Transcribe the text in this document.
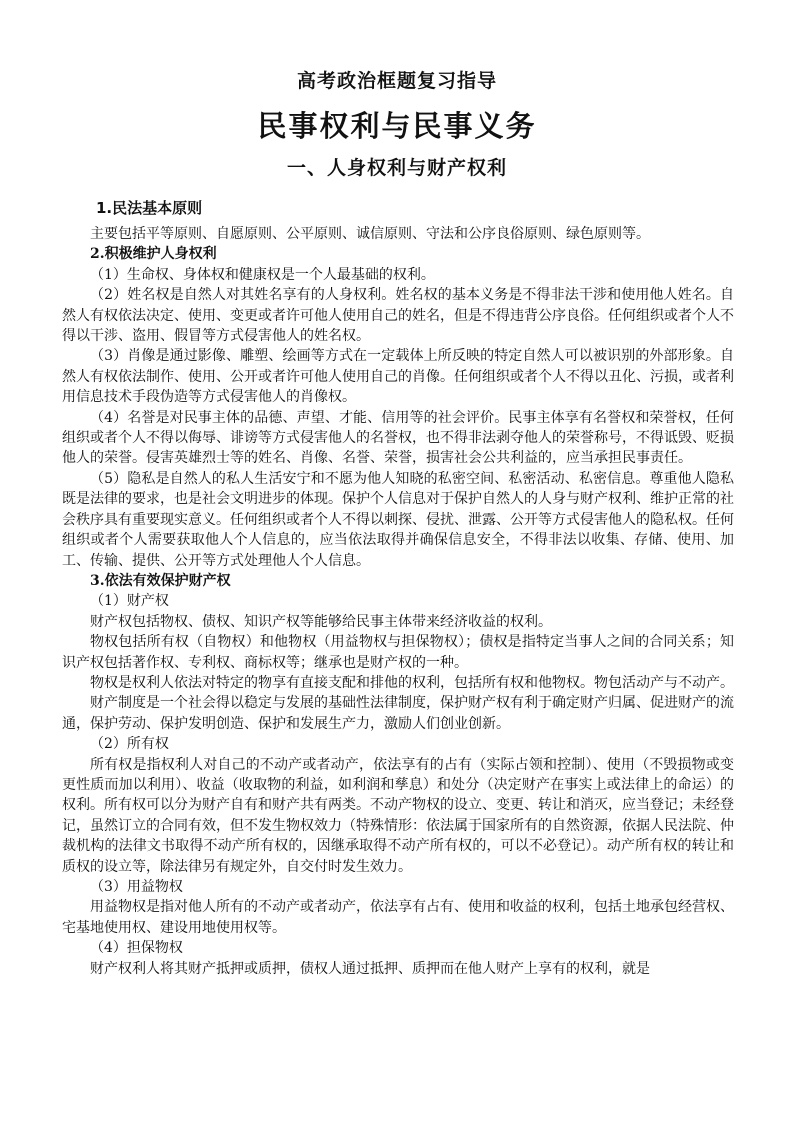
高考政治框题复习指导
民事权利与民事义务
一、人身权利与财产权利
1.民法基本原则

主要包括平等原则、自愿原则、公平原则、诚信原则、守法和公序良俗原则、绿色原则等。

2.积极维护人身权利

（1）生命权、身体权和健康权是一个人最基础的权利。

（2）姓名权是自然人对其姓名享有的人身权利。姓名权的基本义务是不得非法干涉和使用他人姓名。自然人有权依法决定、使用、变更或者许可他人使用自己的姓名，但是不得违背公序良俗。任何组织或者个人不得以干涉、盗用、假冒等方式侵害他人的姓名权。

（3）肖像是通过影像、雕塑、绘画等方式在一定载体上所反映的特定自然人可以被识别的外部形象。自然人有权依法制作、使用、公开或者许可他人使用自己的肖像。任何组织或者个人不得以丑化、污损，或者利用信息技术手段伪造等方式侵害他人的肖像权。

（4）名誉是对民事主体的品德、声望、才能、信用等的社会评价。民事主体享有名誉权和荣誉权，任何组织或者个人不得以侮辱、诽谤等方式侵害他人的名誉权，也不得非法剥夺他人的荣誉称号，不得诋毁、贬损他人的荣誉。侵害英雄烈士等的姓名、肖像、名誉、荣誉，损害社会公共利益的，应当承担民事责任。

（5）隐私是自然人的私人生活安宁和不愿为他人知晓的私密空间、私密活动、私密信息。尊重他人隐私既是法律的要求，也是社会文明进步的体现。保护个人信息对于保护自然人的人身与财产权利、维护正常的社会秩序具有重要现实意义。任何组织或者个人不得以刺探、侵扰、泄露、公开等方式侵害他人的隐私权。任何组织或者个人需要获取他人个人信息的，应当依法取得并确保信息安全，不得非法以收集、存储、使用、加工、传输、提供、公开等方式处理他人个人信息。

3.依法有效保护财产权

（1）财产权

财产权包括物权、债权、知识产权等能够给民事主体带来经济收益的权利。

物权包括所有权（自物权）和他物权（用益物权与担保物权）；债权是指特定当事人之间的合同关系；知识产权包括著作权、专利权、商标权等；继承也是财产权的一种。

物权是权利人依法对特定的物享有直接支配和排他的权利，包括所有权和他物权。物包活动产与不动产。

财产制度是一个社会得以稳定与发展的基础性法律制度，保护财产权有利于确定财产归属、促进财产的流通，保护劳动、保护发明创造、保护和发展生产力，激励人们创业创新。

（2）所有权

所有权是指权利人对自己的不动产或者动产，依法享有的占有（实际占领和控制）、使用（不毁损物或变更性质而加以利用）、收益（收取物的利益，如利润和孳息）和处分（决定财产在事实上或法律上的命运）的权利。所有权可以分为财产自有和财产共有两类。不动产物权的设立、变更、转让和消灭，应当登记；未经登记，虽然订立的合同有效，但不发生物权效力（特殊情形：依法属于国家所有的自然资源，依据人民法院、仲裁机构的法律文书取得不动产所有权的，因继承取得不动产所有权的，可以不必登记）。动产所有权的转让和质权的设立等，除法律另有规定外，自交付时发生效力。

（3）用益物权

用益物权是指对他人所有的不动产或者动产，依法享有占有、使用和收益的权利，包括土地承包经营权、宅基地使用权、建设用地使用权等。

（4）担保物权

财产权利人将其财产抵押或质押，债权人通过抵押、质押而在他人财产上享有的权利，就是
